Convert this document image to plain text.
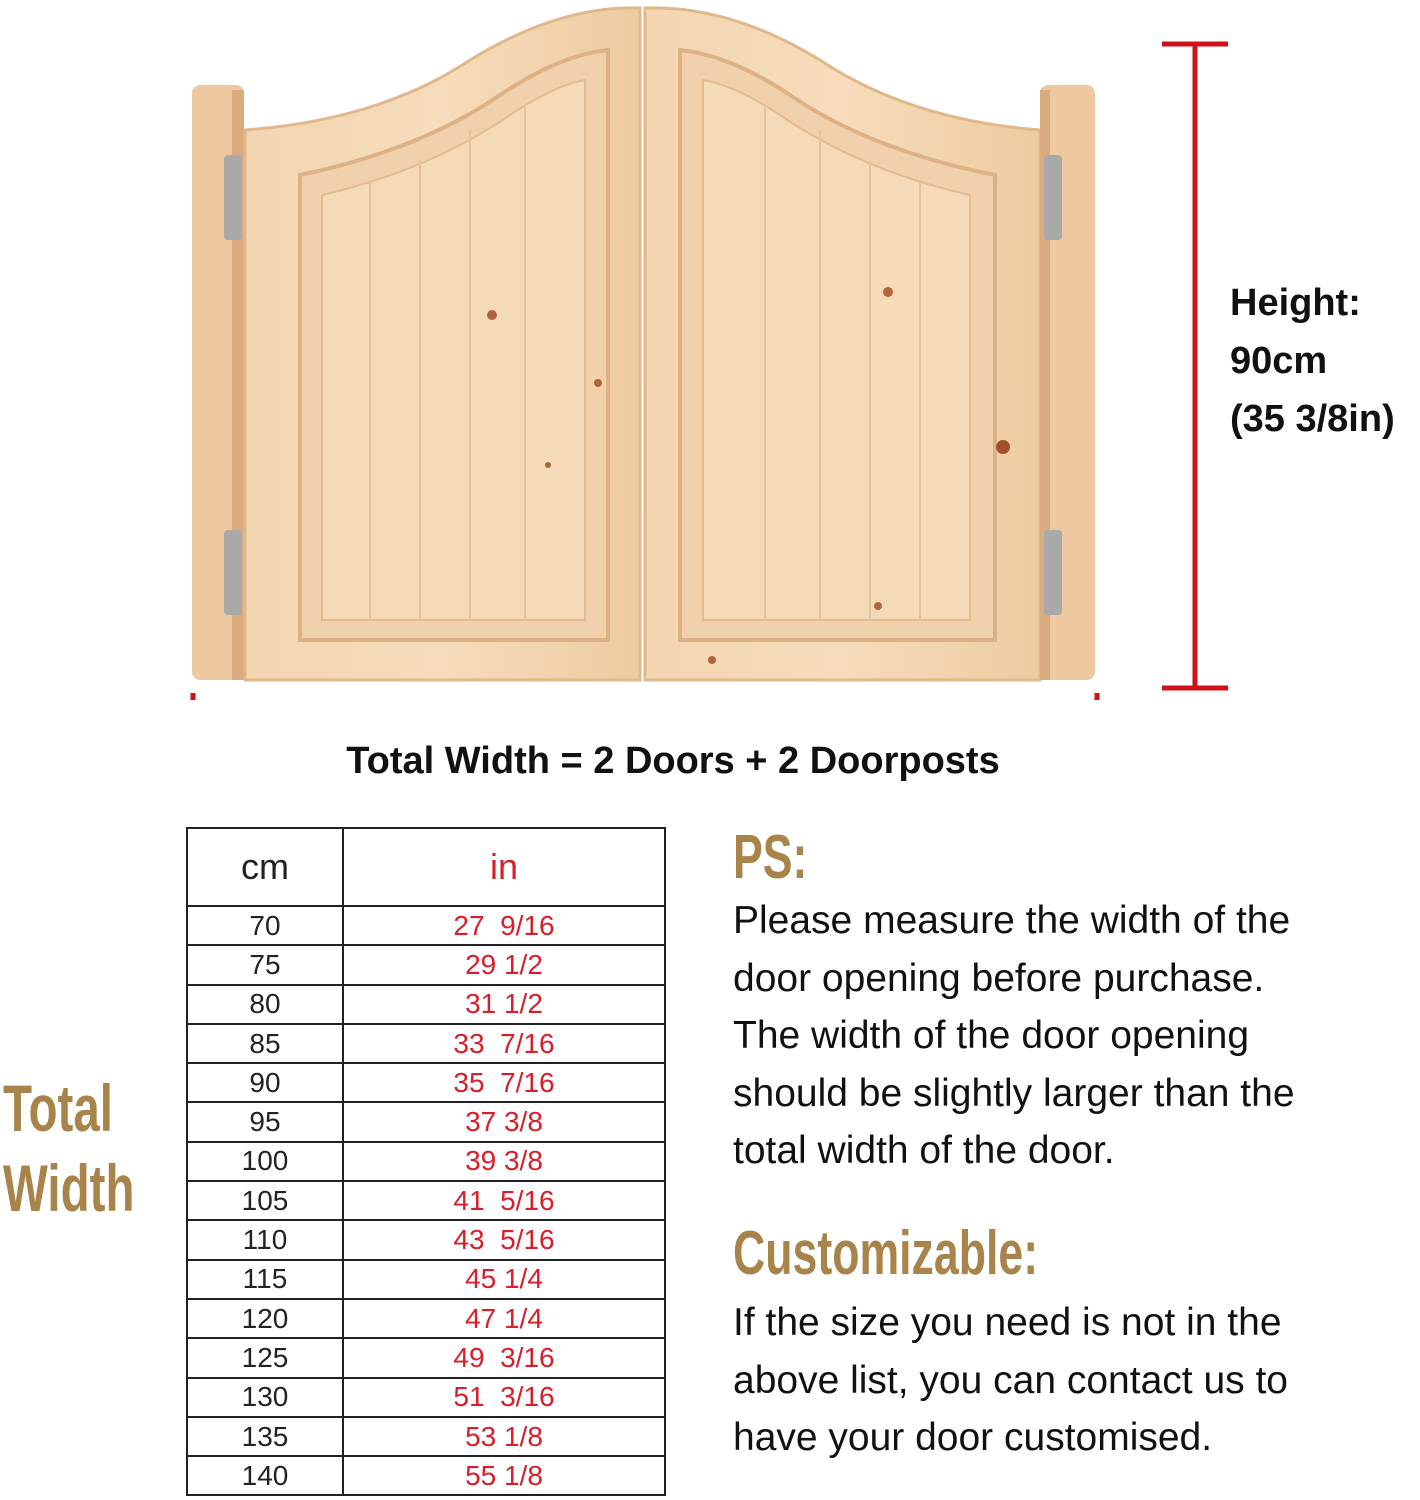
Total Width = 2 Doors + 2 Doorposts
Height:
90cm
(35 3/8in)
Total
Width
cm	in
70	27  9/16
75	29 1/2
80	31 1/2
85	33  7/16
90	35  7/16
95	37 3/8
100	39 3/8
105	41  5/16
110	43  5/16
115	45 1/4
120	47 1/4
125	49  3/16
130	51  3/16
135	53 1/8
140	55 1/8
PS:
Please measure the width of the
door opening before purchase.
The width of the door opening
should be slightly larger than the
total width of the door.
Customizable:
If the size you need is not in the
above list, you can contact us to
have your door customised.
